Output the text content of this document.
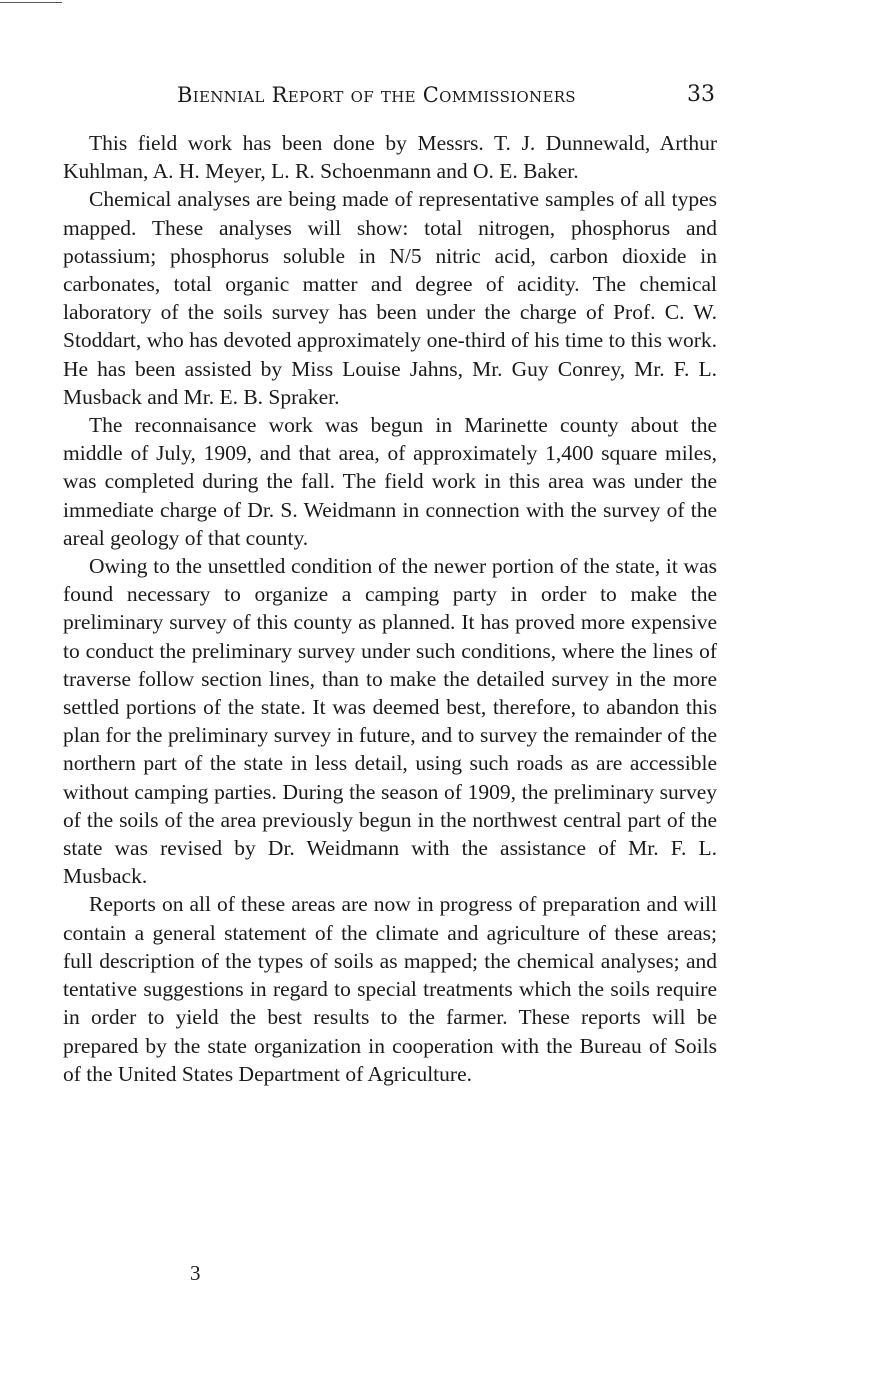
Biennial Report of the Commissioners	33

This field work has been done by Messrs. T. J. Dunnewald, Arthur Kuhlman, A. H. Meyer, L. R. Schoenmann and O. E. Baker.

Chemical analyses are being made of representative samples of all types mapped. These analyses will show: total nitrogen, phosphorus and potassium; phosphorus soluble in N/5 nitric acid, carbon dioxide in carbonates, total organic matter and degree of acidity. The chemical laboratory of the soils survey has been under the charge of Prof. C. W. Stoddart, who has devoted approximately one-third of his time to this work. He has been assisted by Miss Louise Jahns, Mr. Guy Conrey, Mr. F. L. Musback and Mr. E. B. Spraker.

The reconnaisance work was begun in Marinette county about the middle of July, 1909, and that area, of approximately 1,400 square miles, was completed during the fall. The field work in this area was under the immediate charge of Dr. S. Weidmann in connection with the survey of the areal geology of that county.

Owing to the unsettled condition of the newer portion of the state, it was found necessary to organize a camping party in order to make the preliminary survey of this county as planned. It has proved more expensive to conduct the preliminary survey under such conditions, where the lines of traverse follow section lines, than to make the detailed survey in the more settled portions of the state. It was deemed best, therefore, to abandon this plan for the preliminary survey in future, and to survey the remainder of the northern part of the state in less detail, using such roads as are accessible without camping parties. During the season of 1909, the preliminary survey of the soils of the area previously begun in the northwest central part of the state was revised by Dr. Weidmann with the assistance of Mr. F. L. Musback.

Reports on all of these areas are now in progress of preparation and will contain a general statement of the climate and agriculture of these areas; full description of the types of soils as mapped; the chemical analyses; and tentative suggestions in regard to special treatments which the soils require in order to yield the best results to the farmer. These reports will be prepared by the state organization in cooperation with the Bureau of Soils of the United States Department of Agriculture.

3
